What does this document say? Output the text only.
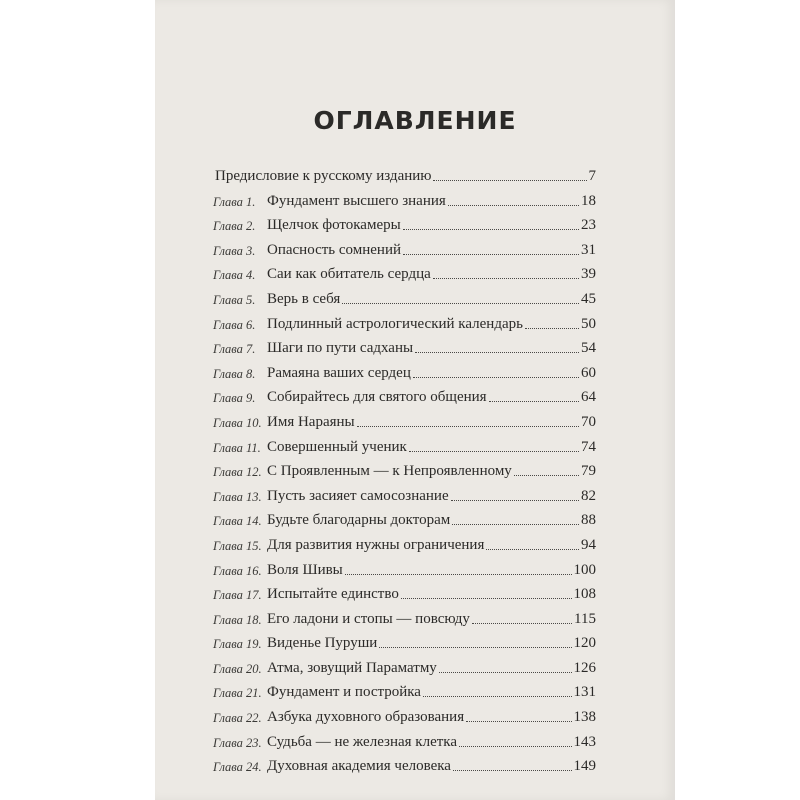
ОГЛАВЛЕНИЕ
Предисловие к русскому изданию	7
Глава 1. Фундамент высшего знания	18
Глава 2. Щелчок фотокамеры	23
Глава 3. Опасность сомнений	31
Глава 4. Саи как обитатель сердца	39
Глава 5. Верь в себя	45
Глава 6. Подлинный астрологический календарь	50
Глава 7. Шаги по пути садханы	54
Глава 8. Рамаяна ваших сердец	60
Глава 9. Собирайтесь для святого общения	64
Глава 10. Имя Нараяны	70
Глава 11. Совершенный ученик	74
Глава 12. С Проявленным — к Непроявленному	79
Глава 13. Пусть засияет самосознание	82
Глава 14. Будьте благодарны докторам	88
Глава 15. Для развития нужны ограничения	94
Глава 16. Воля Шивы	100
Глава 17. Испытайте единство	108
Глава 18. Его ладони и стопы — повсюду	115
Глава 19. Виденье Пуруши	120
Глава 20. Атма, зовущий Параматму	126
Глава 21. Фундамент и постройка	131
Глава 22. Азбука духовного образования	138
Глава 23. Судьба — не железная клетка	143
Глава 24. Духовная академия человека	149
